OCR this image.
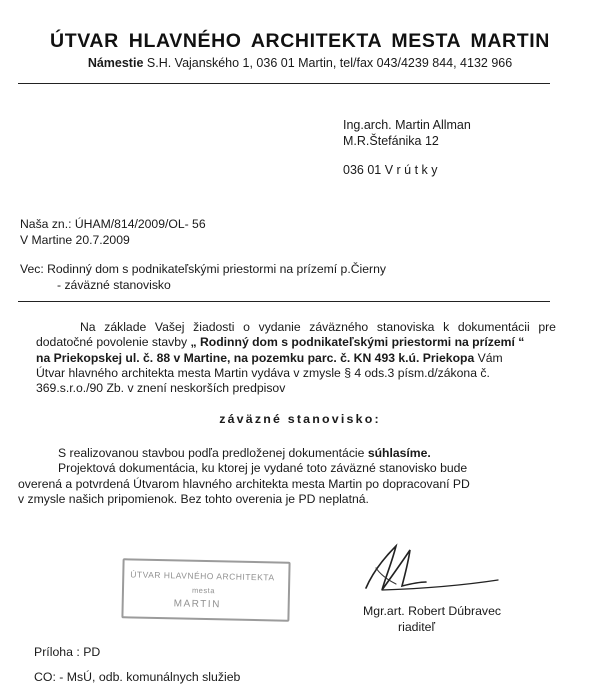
ÚTVAR HLAVNÉHO ARCHITEKTA MESTA MARTIN
Námestie S.H. Vajanského 1, 036 01 Martin, tel/fax 043/4239 844, 4132 966
Ing.arch. Martin Allman
M.R.Štefánika 12
036 01 V r ú t k y
Naša zn.: ÚHAM/814/2009/OL- 56
V Martine 20.7.2009
Vec: Rodinný dom s podnikateľskými priestormi na prízemí p.Čierny
- záväzné stanovisko
Na základe Vašej žiadosti o vydanie záväzného stanoviska k dokumentácii pre
dodatočné povolenie stavby „ Rodinný dom s podnikateľskými priestormi na prízemí “
na Priekopskej ul. č. 88 v Martine, na pozemku parc. č. KN 493 k.ú. Priekopa Vám
Útvar hlavného architekta mesta Martin vydáva v zmysle § 4 ods.3 písm.d/zákona č.
369.s.r.o./90 Zb. v znení neskorších predpisov
záväzné stanovisko:
S realizovanou stavbou podľa predloženej dokumentácie súhlasíme.
Projektová dokumentácia, ku ktorej je vydané toto záväzné stanovisko bude
overená a potvrdená Útvarom hlavného architekta mesta Martin po dopracovaní PD
v zmysle našich pripomienok. Bez tohto overenia je PD neplatná.
ÚTVAR HLAVNÉHO ARCHITEKTA
mesta
MARTIN	Mgr.art. Robert Dúbravec
riaditeľ
Príloha : PD
CO: - MsÚ, odb. komunálnych služieb
